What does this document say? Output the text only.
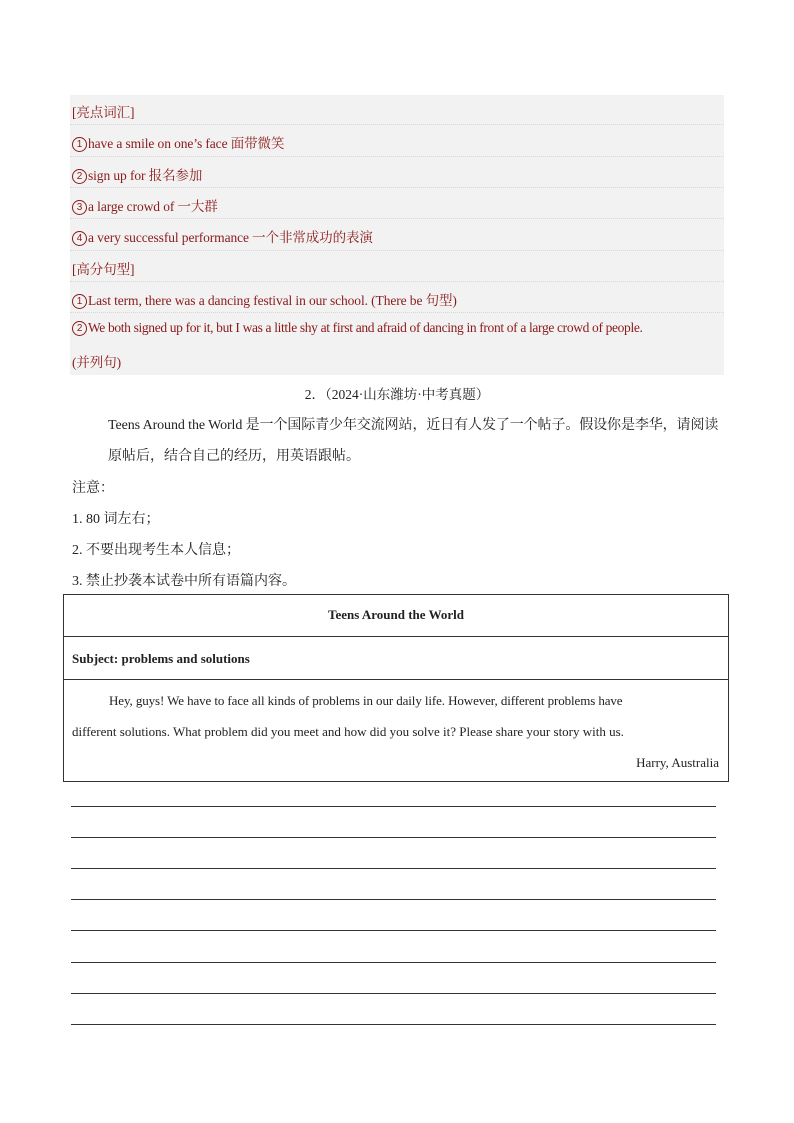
[亮点词汇]
1 have a smile on one’s face 面带微笑
2 sign up for 报名参加
3 a large crowd of 一大群
4 a very successful performance 一个非常成功的表演
[高分句型]
1 Last term, there was a dancing festival in our school. (There be 句型)
2 We both signed up for it, but I was a little shy at first and afraid of dancing in front of a large crowd of people.
(并列句)
2．（2024·山东潍坊·中考真题）
Teens Around the World 是一个国际青少年交流网站，近日有人发了一个帖子。假设你是李华，请阅读
原帖后，结合自己的经历，用英语跟帖。
注意：
1. 80 词左右；
2. 不要出现考生本人信息；
3. 禁止抄袭本试卷中所有语篇内容。
Teens Around the World
Subject: problems and solutions
Hey, guys! We have to face all kinds of problems in our daily life. However, different problems have
different solutions. What problem did you meet and how did you solve it? Please share your story with us.
Harry, Australia
